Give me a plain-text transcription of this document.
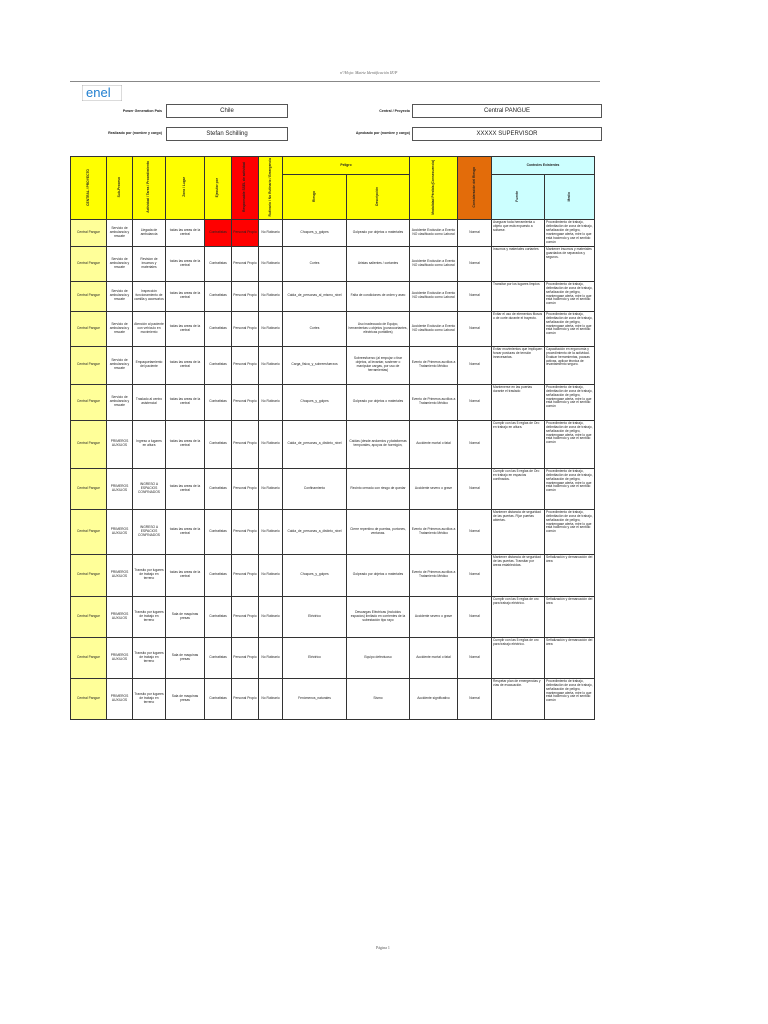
n°/Hoja: Matriz Identificación IE/P
enel
Power Generation País	Chile	Central / Proyecto	Central PANGUE
Realizado por (nombre y cargo)	Stefan Schilling	Aprobado por (nombre y cargo)	XXXXX SUPERVISOR
CENTRAL / PROYECTO	Sub-Proceso	Actividad / Tarea / Procedimiento	Zona / Lugar	Ejecutor por	Responsable SSEL de actividad	Rutinario / No Rutinario / Emergencia	Peligro		Modalidad Pérdida (Consecuencia)	Consideración del Riesgo	Controles Existentes	
							Riesgo	Descripción			Fuente	Medio
Central Pangue	Servicio de ambulancia y rescate	Llegada de ambulancia	todas las areas de la central	Contratistas	Personal Propio	No Rutinario	Choques_y_golpes	Golpeado por objetos o materiales	Accidente Exclusión a Evento NO clasificado como Laboral	Normal	Asegurar toda herramienta u objeto que está expuesto a soltarse.	Procedimiento de trabajo, delimitación de zona de trabajo, señalización de peligro, mantengase alerta, mire lo que está haciendo y use el sentido común
Central Pangue	Servicio de ambulancia y rescate	Revision de insumos y materiales	todas las areas de la central	Contratistas	Personal Propio	No Rutinario	Cortes	Aristas salientes / cortantes	Accidente Exclusión a Evento NO clasificado como Laboral	Normal	Insumos y materiales cortantes	Mantener insumos y materiales guardados de separados y seguros.
Central Pangue	Servicio de ambulancia y rescate	Inspección funcionamiento de camilla y accesorios	todas las areas de la central	Contratistas	Personal Propio	No Rutinario	Caida_de_personas_al_mismo_nivel	Falta de condiciones de orden y aseo	Accidente Exclusión a Evento NO clasificado como Laboral	Normal	Transitar por los lugares limpios	Procedimiento de trabajo, delimitación de zona de trabajo, señalización de peligro, mantengase alerta, mire lo que está haciendo y use el sentido común
Central Pangue	Servicio de ambulancia y rescate	Atención al paciente con vehículo en movimiento	todas las areas de la central	Contratistas	Personal Propio	No Rutinario	Cortes	Uso inadecuado de Equipo, herramientas u objetos (punzocortantes, eléctricas portátiles)	Accidente Exclusión a Evento NO clasificado como Laboral	Normal	Evitar el uso de elementos filosos o de corte durante el trayecto.	Procedimiento de trabajo, delimitación de zona de trabajo, señalización de peligro, mantengase alerta, mire lo que está haciendo y use el sentido común
Central Pangue	Servicio de ambulancia y rescate	Empaquetamiento del paciente	todas las areas de la central	Contratistas	Personal Propio	No Rutinario	Carga_fisica_y_sobreesfuerzos	Sobreesfuerzo (al empujar o tirar objetos, al levantar, sostener o manipular cargas, por uso de herramientas)	Evento de Primeros auxilios a Tratamiento Médico	Normal	Evitar movimientos que impliquen forzar posturas de tensión innecesarias.	Capacitación en ergonomía y procedimiento de la actividad. Evaluar herramientas, pausas activas, aplicar técnica de levantamiento seguro.
Central Pangue	Servicio de ambulancia y rescate	Traslado al centro asistencial	todas las areas de la central	Contratistas	Personal Propio	No Rutinario	Choques_y_golpes	Golpeado por objetos o materiales	Evento de Primeros auxilios a Tratamiento Médico	Normal	Mantenerse en las puertas durante el traslado	Procedimiento de trabajo, delimitación de zona de trabajo, señalización de peligro, mantengase alerta, mire lo que está haciendo y use el sentido común
Central Pangue	PRIMEROS AUXILIOS	Ingreso a lugares en altura	todas las areas de la central	Contratistas	Personal Propio	No Rutinario	Caida_de_personas_a_distinto_nivel	Caídas (desde andamios y plataformas temporales, apoyos de hormigón,	Accidente mortal o fatal	Normal	Cumplir con las 5 reglas de Oro en trabajo en altura.	Procedimiento de trabajo, delimitación de zona de trabajo, señalización de peligro, mantengase alerta, mire lo que está haciendo y use el sentido común
Central Pangue	PRIMEROS AUXILIOS	INGRESO A ESPACIOS CONFINADOS	todas las areas de la central	Contratistas	Personal Propio	No Rutinario	Confinamiento	Recinto cerrado con riesgo de quedar	Accidente severo o grave	Normal	Cumplir con las 5 reglas de Oro en trabajo en espacios confinados.	Procedimiento de trabajo, delimitación de zona de trabajo, señalización de peligro, mantengase alerta, mire lo que está haciendo y use el sentido común
Central Pangue	PRIMEROS AUXILIOS	INGRESO A ESPACIOS CONFINADOS	todas las areas de la central	Contratistas	Personal Propio	No Rutinario	Caida_de_personas_a_distinto_nivel	Cierre repentino de puertas, portones, ventanas.	Evento de Primeros auxilios a Tratamiento Médico	Normal	Mantener distancia de seguridad de las puertas. Fijar puertas abiertas.	Procedimiento de trabajo, delimitación de zona de trabajo, señalización de peligro, mantengase alerta, mire lo que está haciendo y use el sentido común
Central Pangue	PRIMEROS AUXILIOS	Transito por lugares de trabajo en terreno	todas las areas de la central	Contratistas	Personal Propio	No Rutinario	Choques_y_golpes	Golpeado por objetos o materiales	Evento de Primeros auxilios a Tratamiento Médico	Normal	Mantener distancia de seguridad de las puertas. Transitar por áreas establecidas.	Señalización y demarcación del área
Central Pangue	PRIMEROS AUXILIOS	Transito por lugares de trabajo en terreno	Sala de maquinas presas	Contratistas	Personal Propio	No Rutinario	Eléctrico	Descargas Eléctricas (incluidos espacios) limitado en corrientes de la subestación tipo rayo	Accidente severo o grave	Normal	Cumplir con las 5 reglas de oro para trabajo eléctrico.	Señalización y demarcación del área
Central Pangue	PRIMEROS AUXILIOS	Transito por lugares de trabajo en terreno	Sala de maquinas presas	Contratistas	Personal Propio	No Rutinario	Eléctrico	Equipo defectuoso	Accidente mortal o fatal	Normal	Cumplir con las 5 reglas de oro para trabajo eléctrico.	Señalización y demarcación del área
Central Pangue	PRIMEROS AUXILIOS	Transito por lugares de trabajo en terreno	Sala de maquinas presas	Contratistas	Personal Propio	No Rutinario	Fenómenos_naturales	Sismo	Accidente significativo	Normal	Respetar plan de emergencias y vías de evacuación.	Procedimiento de trabajo, delimitación de zona de trabajo, señalización de peligro, mantengase alerta, mire lo que está haciendo y use el sentido común
Página 1
